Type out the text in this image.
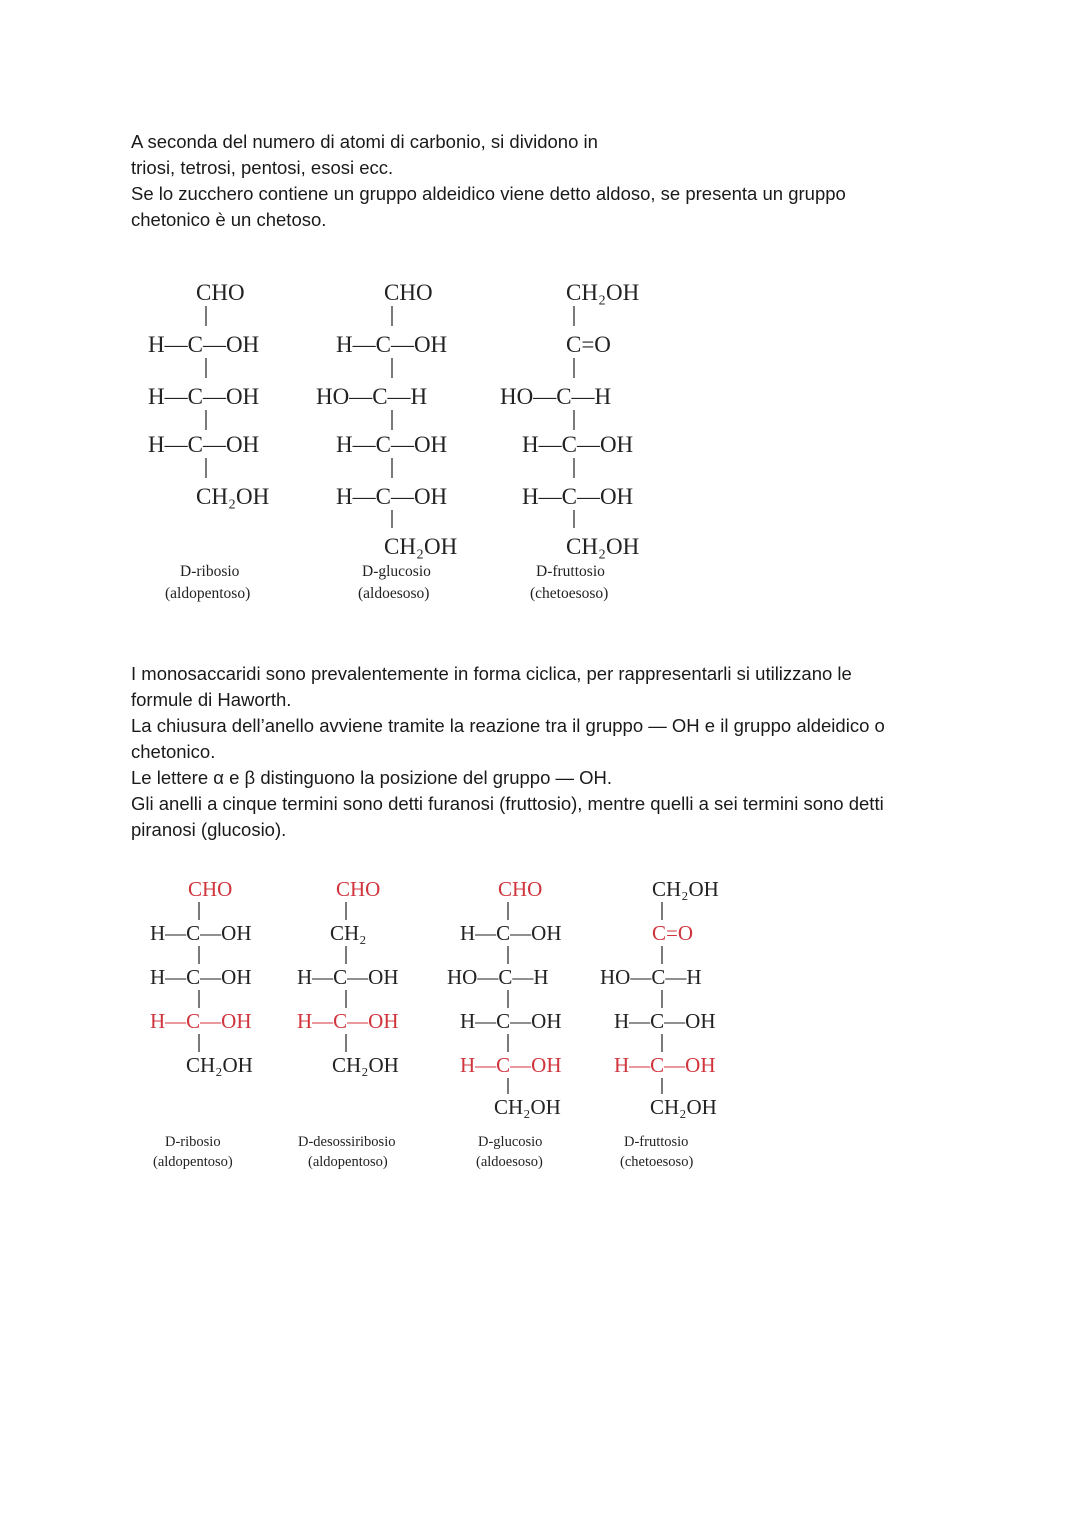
A seconda del numero di atomi di carbonio, si dividono in

triosi, tetrosi, pentosi, esosi ecc.

Se lo zucchero contiene un gruppo aldeidico viene detto aldoso, se presenta un gruppo

chetonico è un chetoso.

CHO
H—C—OH
H—C—OH
H—C—OH
CH₂OH
D-ribosio
(aldopentoso)
CHO
H—C—OH
HO—C—H
H—C—OH
H—C—OH
CH₂OH
D-glucosio
(aldoesoso)
CH₂OH
C=O
HO—C—H
H—C—OH
H—C—OH
CH₂OH
D-fruttosio
(chetoesoso)

I monosaccaridi sono prevalentemente in forma ciclica, per rappresentarli si utilizzano le

formule di Haworth.

La chiusura dell’anello avviene tramite la reazione tra il gruppo — OH e il gruppo aldeidico o

chetonico.

Le lettere α e β distinguono la posizione del gruppo — OH.

Gli anelli a cinque termini sono detti furanosi (fruttosio), mentre quelli a sei termini sono detti

piranosi (glucosio).

CHO
H—C—OH
H—C—OH
H—C—OH
CH₂OH
D-ribosio
(aldopentoso)
CHO
CH₂
H—C—OH
H—C—OH
CH₂OH
D-desossiribosio
(aldopentoso)
CHO
H—C—OH
HO—C—H
H—C—OH
H—C—OH
CH₂OH
D-glucosio
(aldoesoso)
CH₂OH
C=O
HO—C—H
H—C—OH
H—C—OH
CH₂OH
D-fruttosio
(chetoesoso)
